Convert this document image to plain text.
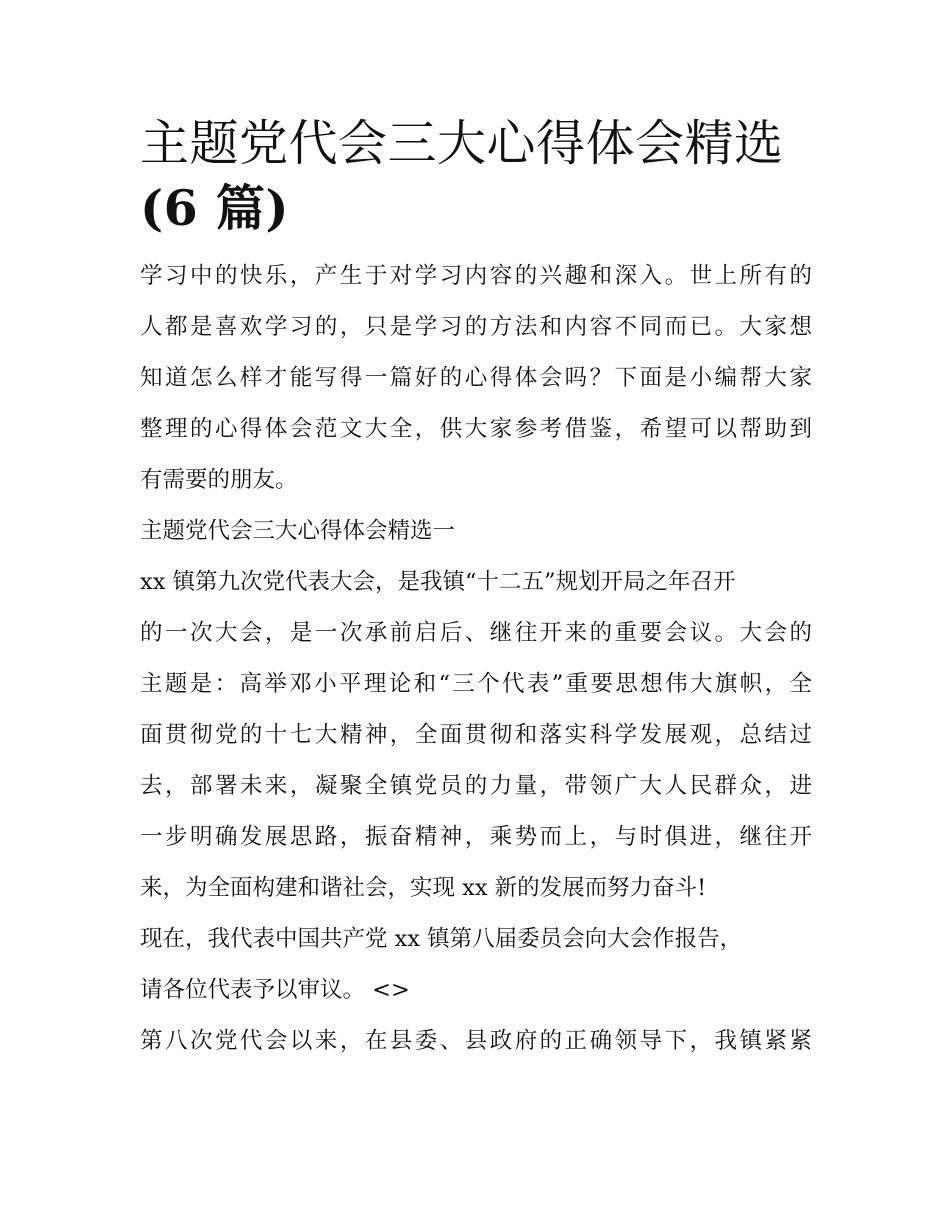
主题党代会三大心得体会精选
(6 篇)
学习中的快乐，产生于对学习内容的兴趣和深入。世上所有的
人都是喜欢学习的，只是学习的方法和内容不同而已。大家想
知道怎么样才能写得一篇好的心得体会吗？下面是小编帮大家
整理的心得体会范文大全，供大家参考借鉴，希望可以帮助到
有需要的朋友。
主题党代会三大心得体会精选一
xx 镇第九次党代表大会，是我镇“十二五”规划开局之年召开
的一次大会，是一次承前启后、继往开来的重要会议。大会的
主题是：高举邓小平理论和“三个代表”重要思想伟大旗帜，全
面贯彻党的十七大精神，全面贯彻和落实科学发展观，总结过
去，部署未来，凝聚全镇党员的力量，带领广大人民群众，进
一步明确发展思路，振奋精神，乘势而上，与时俱进，继往开
来，为全面构建和谐社会，实现 xx 新的发展而努力奋斗!
现在，我代表中国共产党 xx 镇第八届委员会向大会作报告，
请各位代表予以审议。 <>
第八次党代会以来，在县委、县政府的正确领导下，我镇紧紧
